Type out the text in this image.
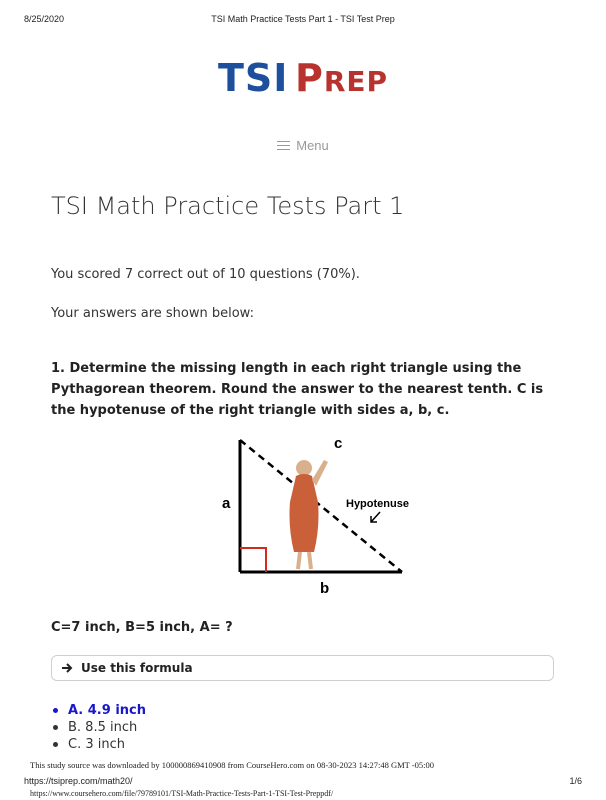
8/25/2020	TSI Math Practice Tests Part 1 - TSI Test Prep
TSI PREP
Menu
TSI Math Practice Tests Part 1
You scored 7 correct out of 10 questions (70%).
Your answers are shown below:
1. Determine the missing length in each right triangle using the Pythagorean theorem. Round the answer to the nearest tenth. C is the hypotenuse of the right triangle with sides a, b, c.
c
a
b
Hypotenuse
C=7 inch, B=5 inch, A= ?
Use this formula
A. 4.9 inch
B. 8.5 inch
C. 3 inch
This study source was downloaded by 100000869410908 from CourseHero.com on 08-30-2023 14:27:48 GMT -05:00
https://tsiprep.com/math20/	1/6
https://www.coursehero.com/file/79789101/TSI-Math-Practice-Tests-Part-1-TSI-Test-Preppdf/
